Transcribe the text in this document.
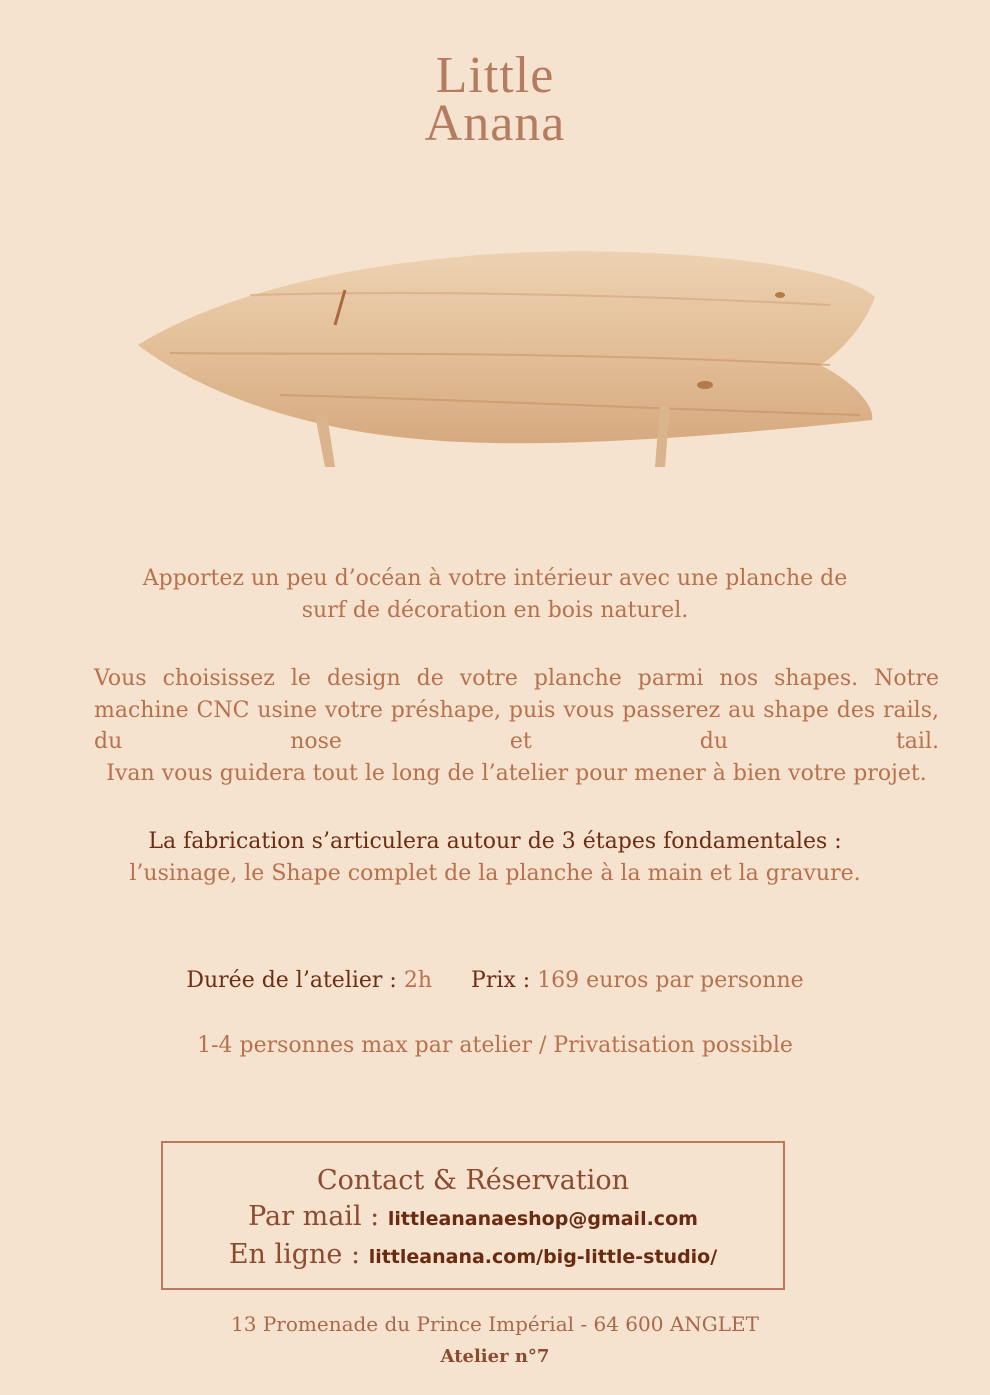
Little
Anana
Apportez un peu d’océan à votre intérieur avec une planche de
surf de décoration en bois naturel.
Vous choisissez le design de votre planche parmi nos shapes. Notre machine CNC usine votre préshape, puis vous passerez au shape des rails, du nose et du tail.
Ivan vous guidera tout le long de l’atelier pour mener à bien votre projet.
La fabrication s’articulera autour de 3 étapes fondamentales :
l’usinage, le Shape complet de la planche à la main et la gravure.
Durée de l’atelier : 2h Prix : 169 euros par personne
1-4 personnes max par atelier / Privatisation possible
Contact & Réservation
Par mail : littleananaeshop@gmail.com
En ligne : littleanana.com/big-little-studio/
13 Promenade du Prince Impérial - 64 600 ANGLET
Atelier n°7
